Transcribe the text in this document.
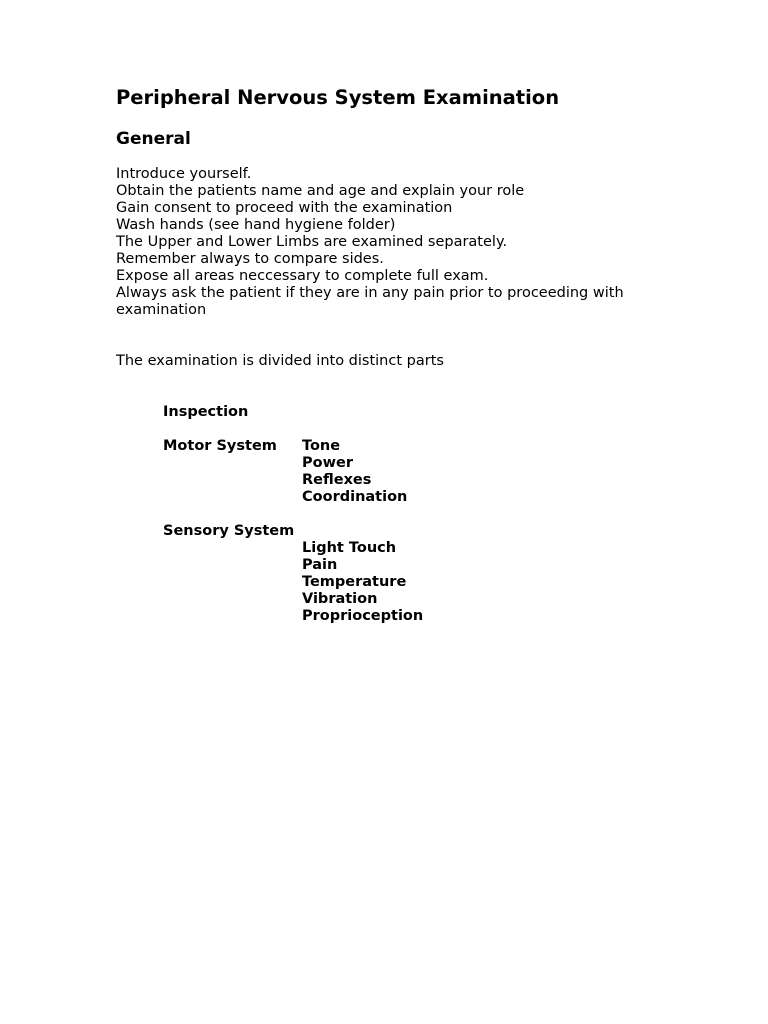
Peripheral Nervous System Examination
General
Introduce yourself.
Obtain the patients name and age and explain your role
Gain consent to proceed with the examination
Wash hands (see hand hygiene folder)
The Upper and Lower Limbs are examined separately.
Remember always to compare sides.
Expose all areas neccessary to complete full exam.
Always ask the patient if they are in any pain prior to proceeding with examination

The examination is divided into distinct parts

Inspection
Motor System	Tone
Power
Reflexes
Coordination
Sensory System
Light Touch
Pain
Temperature
Vibration
Proprioception
